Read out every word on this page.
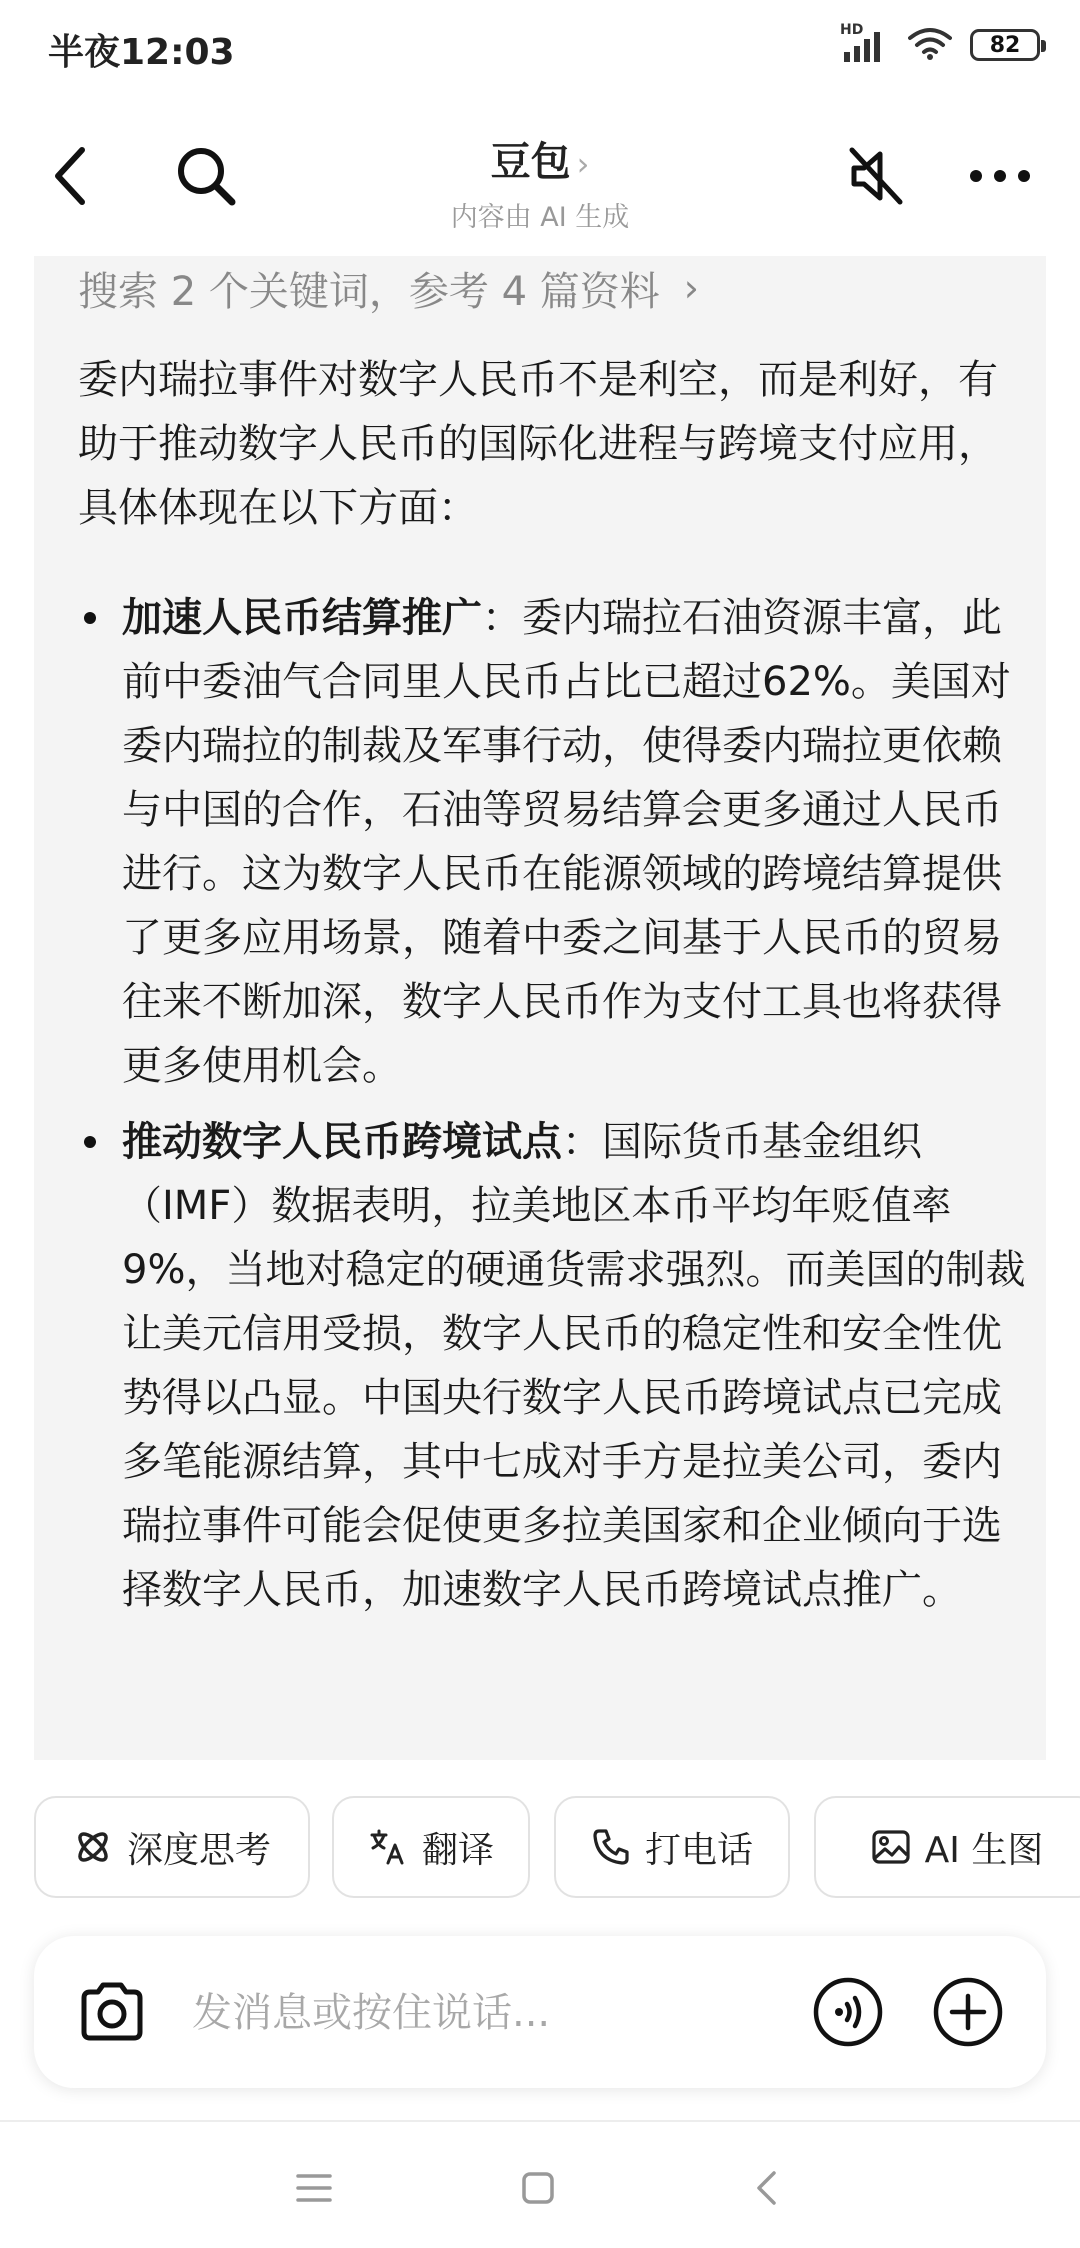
半夜12:03
HD
82
豆包 ›
内容由 AI 生成
搜索 2 个关键词，参考 4 篇资料 ›
委内瑞拉事件对数字人民币不是利空，而是利好，有助于推动数字人民币的国际化进程与跨境支付应用，具体体现在以下方面：
加速人民币结算推广：委内瑞拉石油资源丰富，此前中委油气合同里人民币占比已超过62%。美国对委内瑞拉的制裁及军事行动，使得委内瑞拉更依赖与中国的合作，石油等贸易结算会更多通过人民币进行。这为数字人民币在能源领域的跨境结算提供了更多应用场景，随着中委之间基于人民币的贸易往来不断加深，数字人民币作为支付工具也将获得更多使用机会。
推动数字人民币跨境试点：国际货币基金组织（IMF）数据表明，拉美地区本币平均年贬值率9%，当地对稳定的硬通货需求强烈。而美国的制裁让美元信用受损，数字人民币的稳定性和安全性优势得以凸显。中国央行数字人民币跨境试点已完成多笔能源结算，其中七成对手方是拉美公司，委内瑞拉事件可能会促使更多拉美国家和企业倾向于选择数字人民币，加速数字人民币跨境试点推广。
深度思考	翻译	打电话	AI 生图
发消息或按住说话...
